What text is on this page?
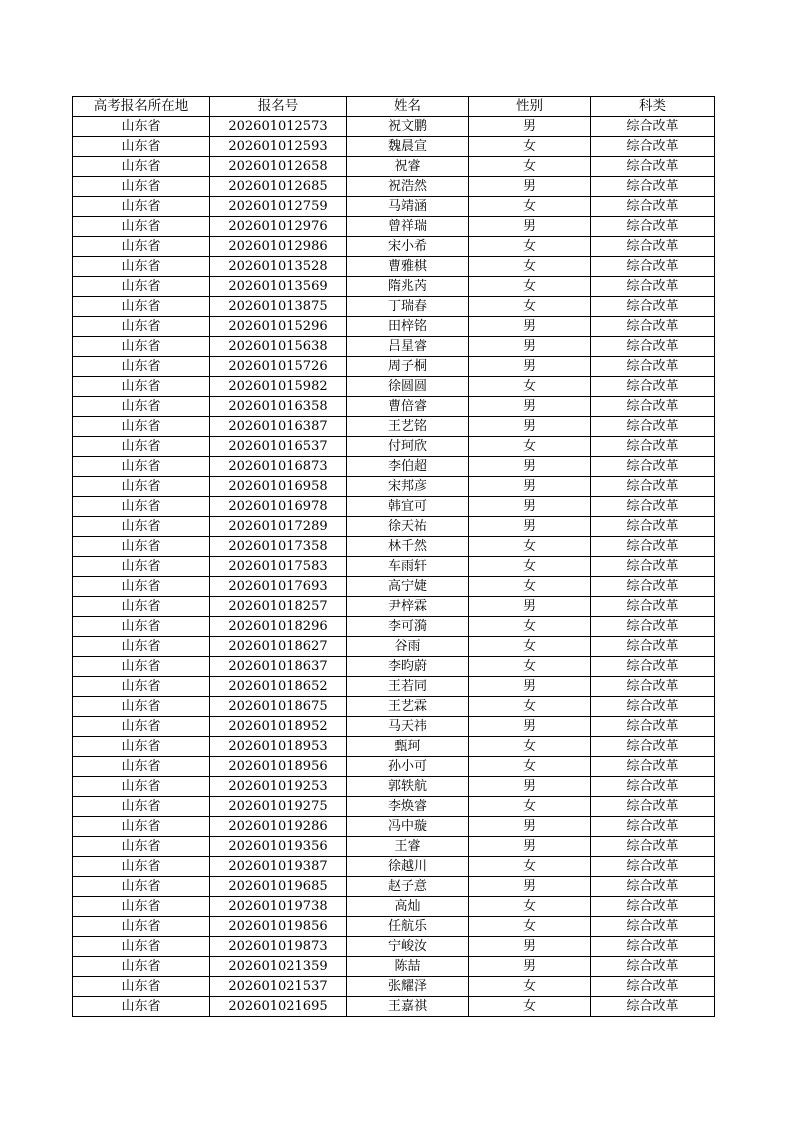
高考报名所在地	报名号	姓名	性别	科类
山东省	202601012573	祝文鹏	男	综合改革
山东省	202601012593	魏晨宣	女	综合改革
山东省	202601012658	祝睿	女	综合改革
山东省	202601012685	祝浩然	男	综合改革
山东省	202601012759	马靖涵	女	综合改革
山东省	202601012976	曾祥瑞	男	综合改革
山东省	202601012986	宋小希	女	综合改革
山东省	202601013528	曹雅棋	女	综合改革
山东省	202601013569	隋兆芮	女	综合改革
山东省	202601013875	丁瑞春	女	综合改革
山东省	202601015296	田梓铭	男	综合改革
山东省	202601015638	吕星睿	男	综合改革
山东省	202601015726	周子桐	男	综合改革
山东省	202601015982	徐圆圆	女	综合改革
山东省	202601016358	曹倍睿	男	综合改革
山东省	202601016387	王艺铭	男	综合改革
山东省	202601016537	付珂欣	女	综合改革
山东省	202601016873	李伯超	男	综合改革
山东省	202601016958	宋邦彦	男	综合改革
山东省	202601016978	韩宜可	男	综合改革
山东省	202601017289	徐天祐	男	综合改革
山东省	202601017358	林千然	女	综合改革
山东省	202601017583	车雨轩	女	综合改革
山东省	202601017693	高宁婕	女	综合改革
山东省	202601018257	尹梓霖	男	综合改革
山东省	202601018296	李可漪	女	综合改革
山东省	202601018627	谷雨	女	综合改革
山东省	202601018637	李昀蔚	女	综合改革
山东省	202601018652	王若同	男	综合改革
山东省	202601018675	王艺霖	女	综合改革
山东省	202601018952	马天祎	男	综合改革
山东省	202601018953	甄珂	女	综合改革
山东省	202601018956	孙小可	女	综合改革
山东省	202601019253	郭轶航	男	综合改革
山东省	202601019275	李焕睿	女	综合改革
山东省	202601019286	冯中璇	男	综合改革
山东省	202601019356	王睿	男	综合改革
山东省	202601019387	徐越川	女	综合改革
山东省	202601019685	赵子意	男	综合改革
山东省	202601019738	高灿	女	综合改革
山东省	202601019856	任航乐	女	综合改革
山东省	202601019873	宁峻汝	男	综合改革
山东省	202601021359	陈喆	男	综合改革
山东省	202601021537	张耀泽	女	综合改革
山东省	202601021695	王嘉祺	女	综合改革
